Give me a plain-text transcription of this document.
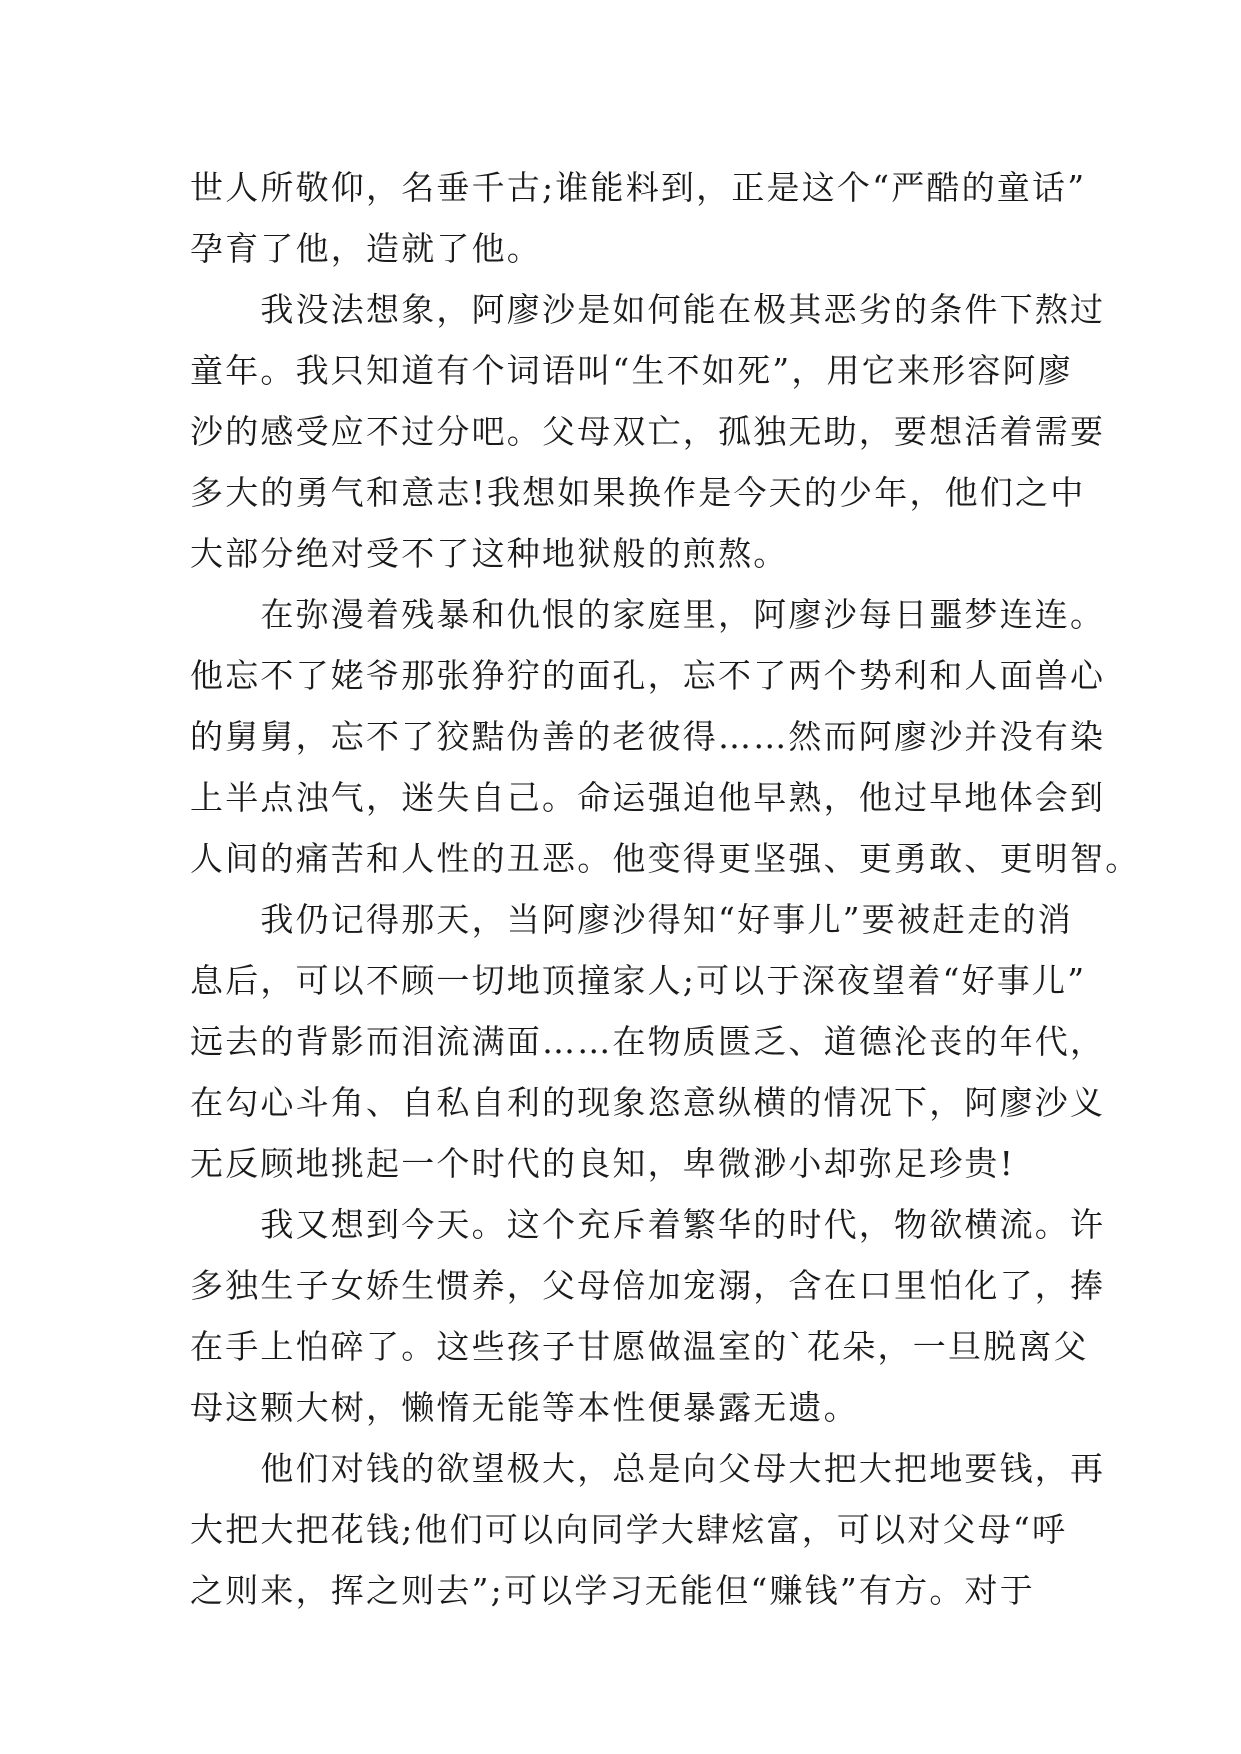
世人所敬仰，名垂千古;谁能料到，正是这个“严酷的童话”
孕育了他，造就了他。
　　我没法想象，阿廖沙是如何能在极其恶劣的条件下熬过
童年。我只知道有个词语叫“生不如死”，用它来形容阿廖
沙的感受应不过分吧。父母双亡，孤独无助，要想活着需要
多大的勇气和意志!我想如果换作是今天的少年，他们之中
大部分绝对受不了这种地狱般的煎熬。
　　在弥漫着残暴和仇恨的家庭里，阿廖沙每日噩梦连连。
他忘不了姥爷那张狰狞的面孔，忘不了两个势利和人面兽心
的舅舅，忘不了狡黠伪善的老彼得……然而阿廖沙并没有染
上半点浊气，迷失自己。命运强迫他早熟，他过早地体会到
人间的痛苦和人性的丑恶。他变得更坚强、更勇敢、更明智。
　　我仍记得那天，当阿廖沙得知“好事儿”要被赶走的消
息后，可以不顾一切地顶撞家人;可以于深夜望着“好事儿”
远去的背影而泪流满面……在物质匮乏、道德沦丧的年代，
在勾心斗角、自私自利的现象恣意纵横的情况下，阿廖沙义
无反顾地挑起一个时代的良知，卑微渺小却弥足珍贵!
　　我又想到今天。这个充斥着繁华的时代，物欲横流。许
多独生子女娇生惯养，父母倍加宠溺，含在口里怕化了，捧
在手上怕碎了。这些孩子甘愿做温室的`花朵，一旦脱离父
母这颗大树，懒惰无能等本性便暴露无遗。
　　他们对钱的欲望极大，总是向父母大把大把地要钱，再
大把大把花钱;他们可以向同学大肆炫富，可以对父母“呼
之则来，挥之则去”;可以学习无能但“赚钱”有方。对于
